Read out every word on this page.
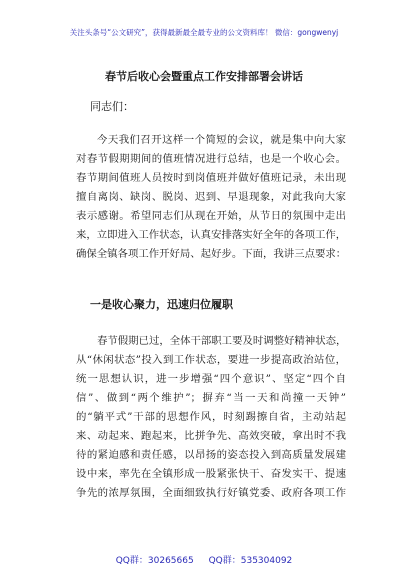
关注头条号“公文研究”，获得最新最全最专业的公文资料库！ 微信：gongwenyj
春节后收心会暨重点工作安排部署会讲话
同志们：
今天我们召开这样一个简短的会议，就是集中向大家
对春节假期期间的值班情况进行总结，也是一个收心会。
春节期间值班人员按时到岗值班并做好值班记录，未出现
擅自离岗、缺岗、脱岗、迟到、早退现象，对此我向大家
表示感谢。希望同志们从现在开始，从节日的氛围中走出
来，立即进入工作状态，认真安排落实好全年的各项工作，
确保全镇各项工作开好局、起好步。下面，我讲三点要求：
一是收心聚力，迅速归位履职
春节假期已过，全体干部职工要及时调整好精神状态，
从“休闲状态”投入到工作状态，要进一步提高政治站位，
统一思想认识，进一步增强“四个意识”、坚定“四个自
信”、做到“两个维护”；摒弃“当一天和尚撞一天钟”
的“躺平式”干部的思想作风，时刻踢擦自省，主动站起
来、动起来、跑起来，比拼争先、高效突破，拿出时不我
待的紧迫感和责任感，以昂扬的姿态投入到高质量发展建
设中来，率先在全镇形成一股紧张快干、奋发实干、提速
争先的浓厚氛围，全面细致执行好镇党委、政府各项工作
QQ群：30265665 QQ群：535304092
